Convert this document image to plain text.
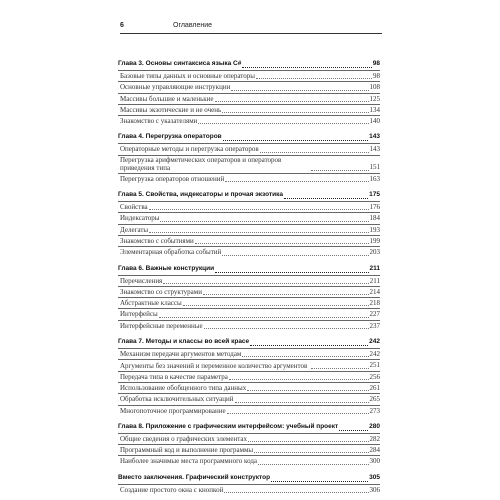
6	Оглавление
Глава 3. Основы синтаксиса языка C#	98
Базовые типы данных и основные операторы	98
Основные управляющие инструкции	108
Массивы большие и маленькие	125
Массивы экзотические и не очень	134
Знакомство с указателями	140
Глава 4. Перегрузка операторов	143
Операторные методы и перегрузка операторов	143
Перегрузка арифметических операторов и операторов приведения типа	151
Перегрузка операторов отношений	163
Глава 5. Свойства, индексаторы и прочая экзотика	175
Свойства	176
Индексаторы	184
Делегаты	193
Знакомство с событиями	199
Элементарная обработка событий	203
Глава 6. Важные конструкции	211
Перечисления	211
Знакомство со структурами	214
Абстрактные классы	218
Интерфейсы	227
Интерфейсные переменные	237
Глава 7. Методы и классы во всей красе	242
Механизм передачи аргументов методам	242
Аргументы без значений и переменное количество аргументов	251
Передача типа в качестве параметра	256
Использование обобщенного типа данных	261
Обработка исключительных ситуаций	265
Многопоточное программирование	273
Глава 8. Приложение с графическим интерфейсом: учебный проект	280
Общие сведения о графических элементах	282
Программный код и выполнение программы	284
Наиболее значимые места программного кода	300
Вместо заключения. Графический конструктор	305
Создание простого окна с кнопкой	306
